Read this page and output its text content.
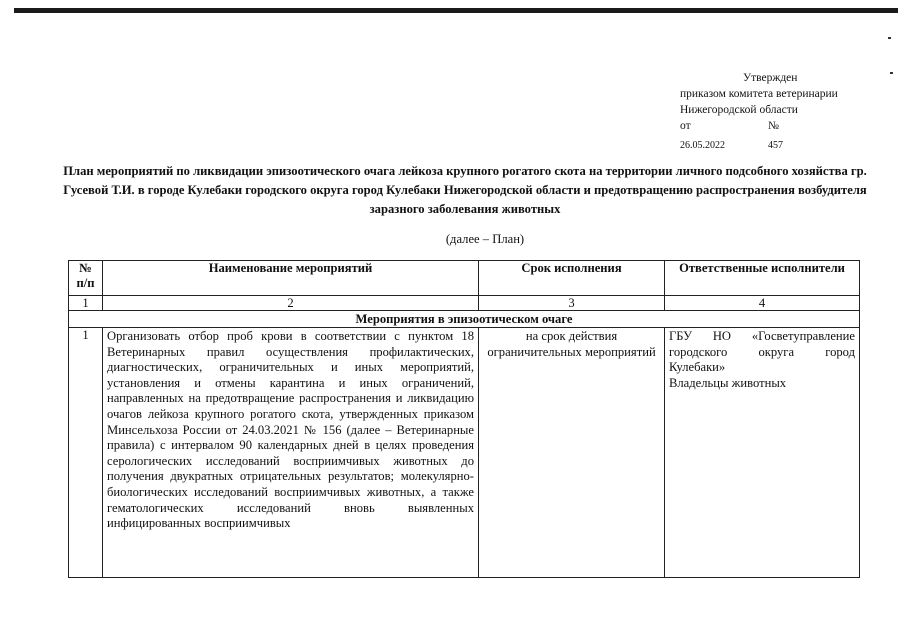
Утвержден
приказом комитета ветеринарии
Нижегородской области
от	№
26.05.2022	457
План мероприятий по ликвидации эпизоотического очага лейкоза крупного рогатого скота на территории личного подсобного хозяйства гр. Гусевой Т.И. в городе Кулебаки городского округа город Кулебаки Нижегородской области и предотвращению распространения возбудителя заразного заболевания животных
(далее – План)
№ п/п	Наименование мероприятий	Срок исполнения	Ответственные исполнители
1	2	3	4
Мероприятия в эпизоотическом очаге			
1	Организовать отбор проб крови в соответствии с пунктом 18 Ветеринарных правил осуществления профилактических, диагностических, ограничительных и иных мероприятий, установления и отмены карантина и иных ограничений, направленных на предотвращение распространения и ликвидацию очагов лейкоза крупного рогатого скота, утвержденных приказом Минсельхоза России от 24.03.2021 № 156 (далее – Ветеринарные правила) с интервалом 90 календарных дней в целях проведения серологических исследований восприимчивых животных до получения двукратных отрицательных результатов; молекулярно-биологических исследований восприимчивых животных, а также гематологических исследований вновь выявленных инфицированных восприимчивых	на срок действия ограничительных мероприятий	ГБУ НО «Госветуправление городского округа город Кулебаки»
Владельцы животных
